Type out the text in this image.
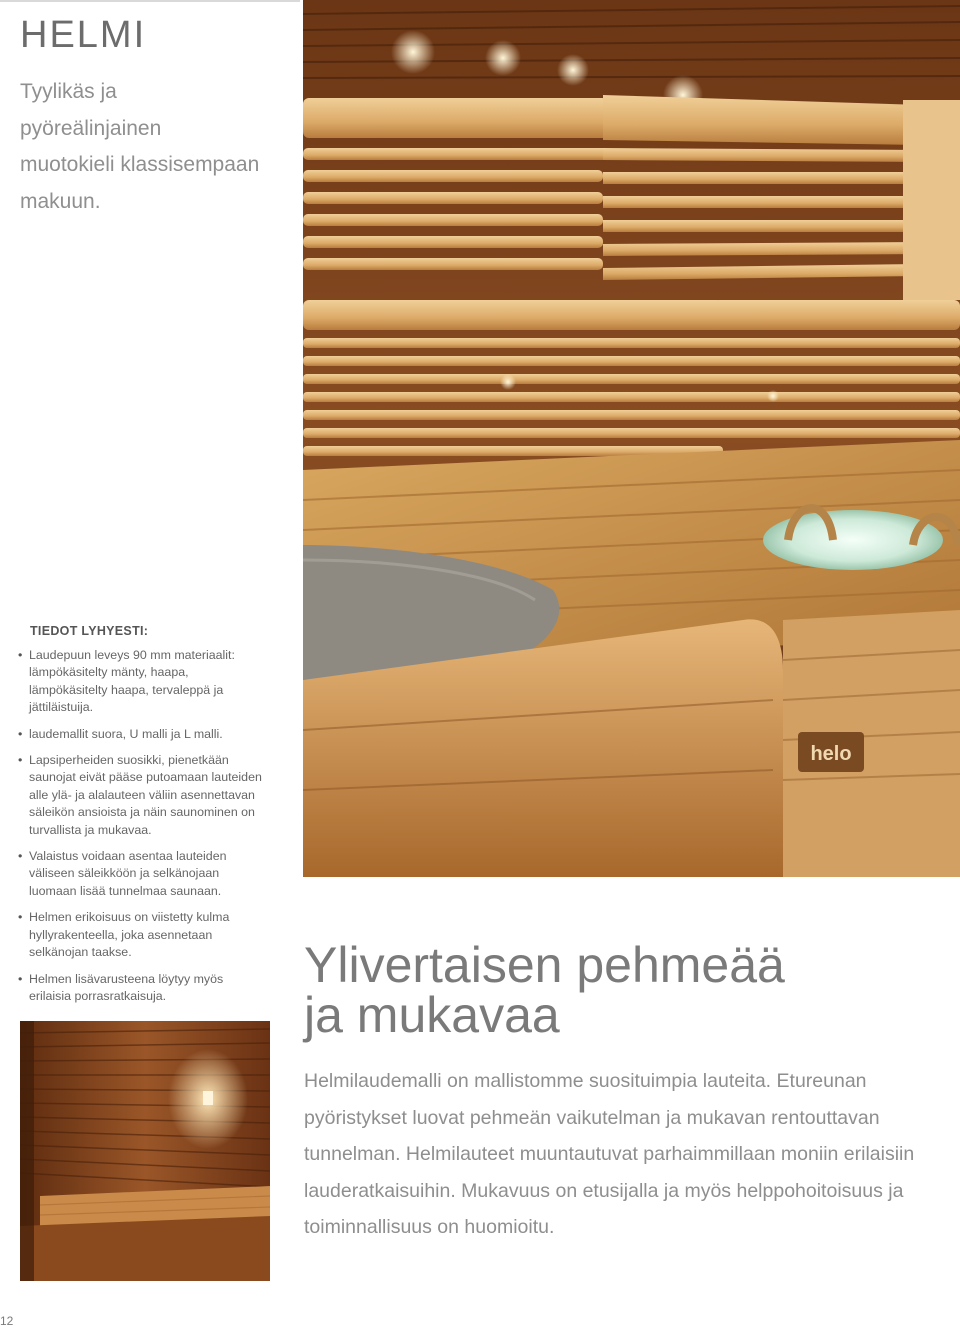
HELMI

Tyylikäs ja pyöreälinjainen muotokieli klassisempaan makuun.

helo

TIEDOT LYHYESTI:

• Laudepuun leveys 90 mm materiaalit: lämpökäsitelty mänty, haapa, lämpökäsitelty haapa, tervaleppä ja jättiläistuija.
• laudemallit suora, U malli ja L malli.
• Lapsiperheiden suosikki, pienetkään saunojat eivät pääse putoamaan lauteiden alle ylä- ja alalauteen väliin asennettavan säleikön ansioista ja näin saunominen on turvallista ja mukavaa.
• Valaistus voidaan asentaa lauteiden väliseen säleikköön ja selkänojaan luomaan lisää tunnelmaa saunaan.
• Helmen erikoisuus on viistetty kulma hyllyrakenteella, joka asennetaan selkänojan taakse.
• Helmen lisävarusteena löytyy myös erilaisia porrasratkaisuja.
Ylivertaisen pehmeää
ja mukavaa

Helmilaudemalli on mallistomme suosituimpia lauteita. Etureunan pyöristykset luovat pehmeän vaikutelman ja mukavan rentouttavan tunnelman. Helmilauteet muuntautuvat parhaimmillaan moniin erilaisiin lauderatkaisuihin. Mukavuus on etusijalla ja myös helppohoitoisuus ja toiminnallisuus on huomioitu.

12
